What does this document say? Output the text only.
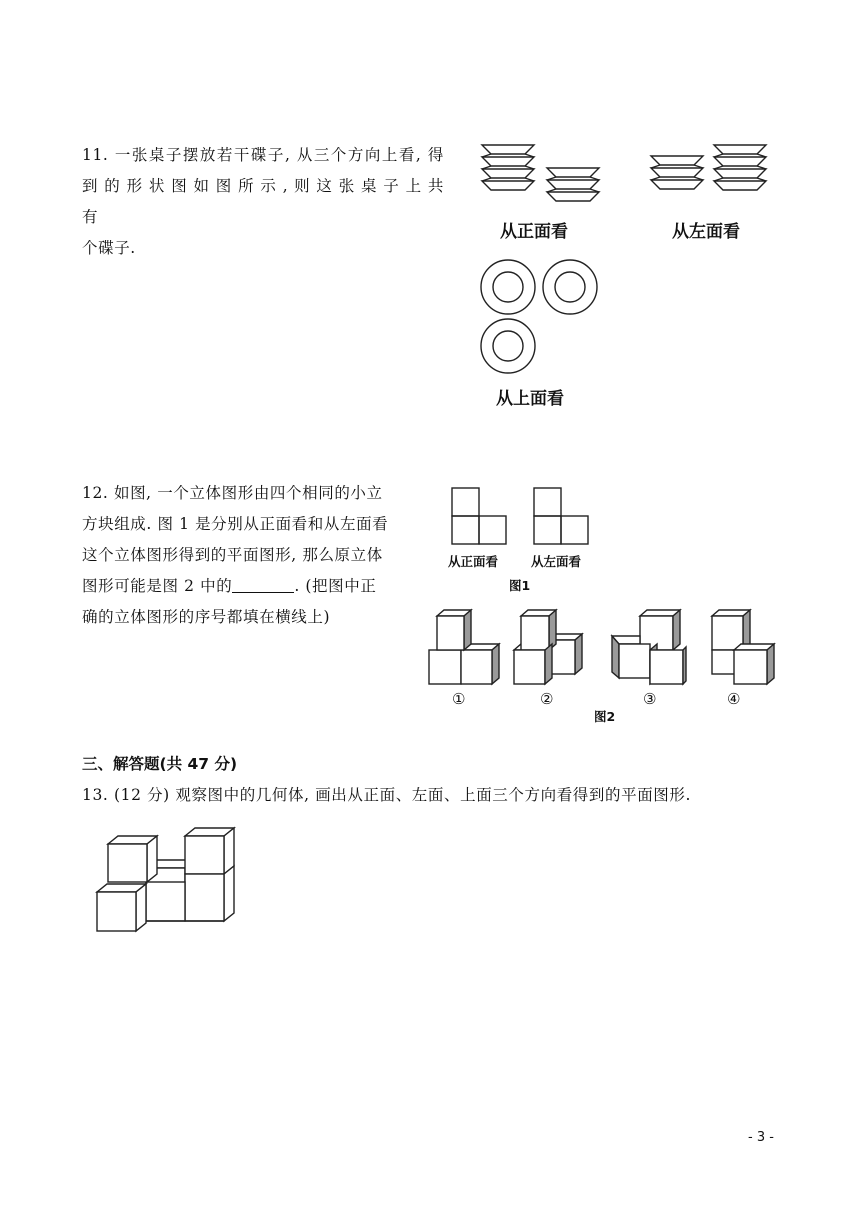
11. 一张桌子摆放若干碟子, 从三个方向上看, 得
到 的 形 状 图 如 图 所 示 , 则 这 张 桌 子 上 共 有
个碟子.
从正面看	从左面看
从上面看
12. 如图, 一个立体图形由四个相同的小立
方块组成. 图 1 是分别从正面看和从左面看
这个立体图形得到的平面图形, 那么原立体
图形可能是图 2 中的	. (把图中正
确的立体图形的序号都填在横线上)
从正面看	从左面看
图1
①	②	③	④
图2
三、解答题(共 47 分)
13. (12 分) 观察图中的几何体, 画出从正面、左面、上面三个方向看得到的平面图形.
- 3 -
